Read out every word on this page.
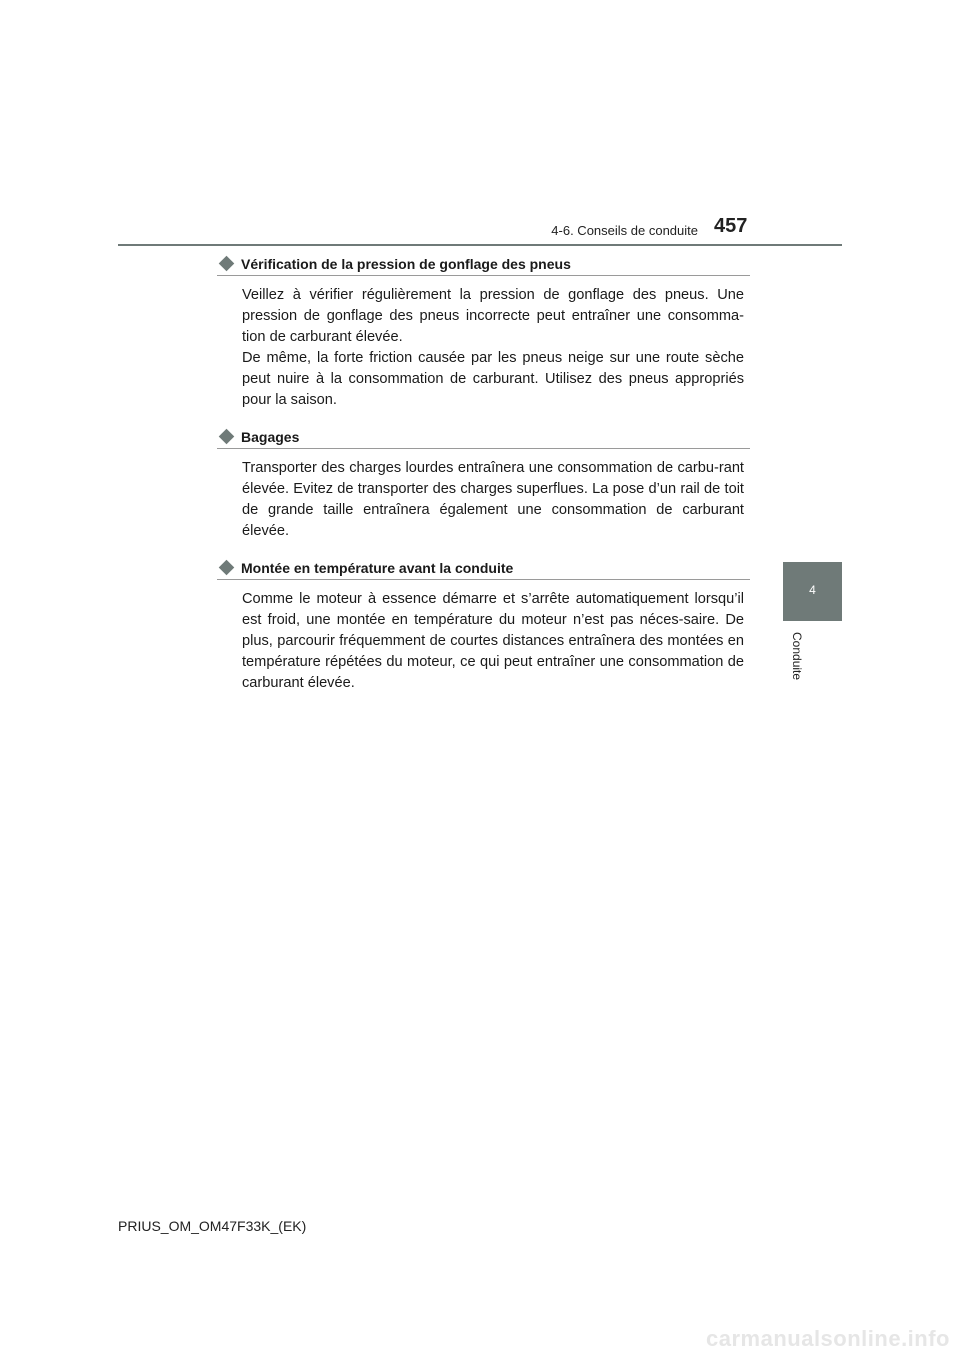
4-6. Conseils de conduite 457
4
Conduite
Vérification de la pression de gonflage des pneus

Veillez à vérifier régulièrement la pression de gonflage des pneus. Une pression de gonflage des pneus incorrecte peut entraîner une consomma-tion de carburant élevée.

De même, la forte friction causée par les pneus neige sur une route sèche peut nuire à la consommation de carburant. Utilisez des pneus appropriés pour la saison.

Bagages

Transporter des charges lourdes entraînera une consommation de carbu-rant élevée. Evitez de transporter des charges superflues. La pose d’un rail de toit de grande taille entraînera également une consommation de carburant élevée.

Montée en température avant la conduite

Comme le moteur à essence démarre et s’arrête automatiquement lorsqu’il est froid, une montée en température du moteur n’est pas néces-saire. De plus, parcourir fréquemment de courtes distances entraînera des montées en température répétées du moteur, ce qui peut entraîner une consommation de carburant élevée.

PRIUS_OM_OM47F33K_(EK)
carmanualsonline.info
